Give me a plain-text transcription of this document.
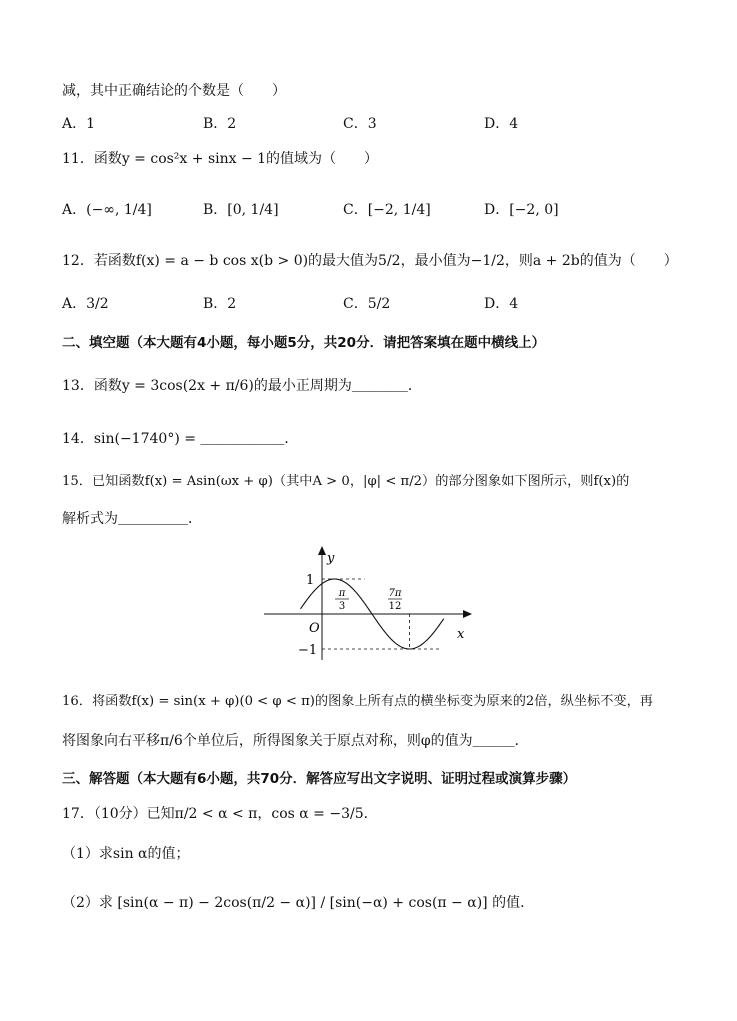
减，其中正确结论的个数是（　　）
A．1	B．2	C．3	D．4
11．函数y = cos²x + sinx − 1的值域为（　　）
A．(−∞, 1/4]	B．[0, 1/4]	C．[−2, 1/4]	D．[−2, 0]
12．若函数f(x) = a − b cos x(b > 0)的最大值为5/2，最小值为−1/2，则a + 2b的值为（　　）
A．3/2	B．2	C．5/2	D．4
二、填空题（本大题有4小题，每小题5分，共20分．请把答案填在题中横线上）
13．函数y = 3cos(2x + π/6)的最小正周期为＿＿＿＿．
14．sin(−1740°) = ＿＿＿＿＿＿．
15．已知函数f(x) = Asin(ωx + φ)（其中A > 0，|φ| < π/2）的部分图象如下图所示，则f(x)的
解析式为＿＿＿＿＿．
y
x
O
1
−1
π
3
7π
12
16．将函数f(x) = sin(x + φ)(0 < φ < π)的图象上所有点的横坐标变为原来的2倍，纵坐标不变，再
将图象向右平移π/6个单位后，所得图象关于原点对称，则φ的值为＿＿＿．
三、解答题（本大题有6小题，共70分．解答应写出文字说明、证明过程或演算步骤）
17．（10分）已知π/2 < α < π，cos α = −3/5．
（1）求sin α的值；
（2）求 [sin(α − π) − 2cos(π/2 − α)] / [sin(−α) + cos(π − α)] 的值．
